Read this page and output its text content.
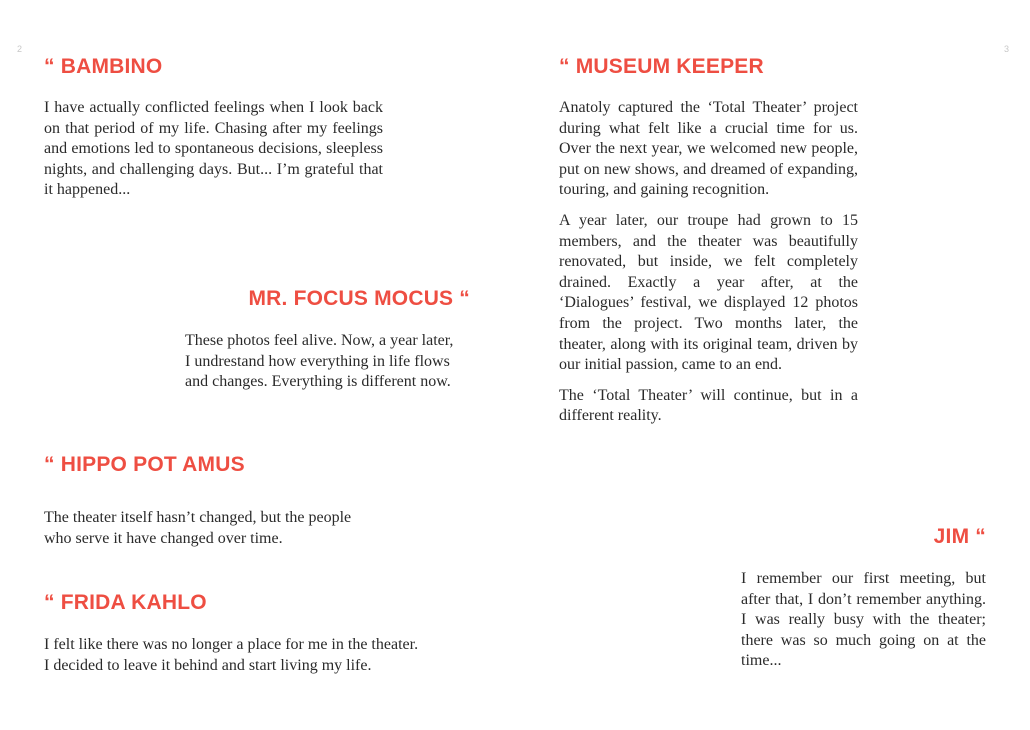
2	3
“ BAMBINO
I have actually conflicted feelings when I look back on that period of my life. Chasing after my feelings and emotions led to spontaneous decisions, sleepless nights, and challenging days. But... I’m grateful that it happened...
MR. FOCUS MOCUS “
These photos feel alive. Now, a year later,
I undrestand how everything in life flows
and changes. Everything is different now.
“ HIPPO POT AMUS
The theater itself hasn’t changed, but the people
who serve it have changed over time.
“ FRIDA KAHLO
I felt like there was no longer a place for me in the theater.
I decided to leave it behind and start living my life.
“ MUSEUM KEEPER

Anatoly captured the ‘Total Theater’ project during what felt like a crucial time for us. Over the next year, we welcomed new people, put on new shows, and dreamed of expanding, touring, and gaining recognition.

A year later, our troupe had grown to 15 members, and the theater was beautifully renovated, but inside, we felt completely drained. Exactly a year after, at the ‘Dialogues’ festival, we displayed 12 photos from the project. Two months later, the theater, along with its original team, driven by our initial passion, came to an end.

The ‘Total Theater’ will continue, but in a different reality.

JIM “
I remember our first meeting, but after that, I don’t remember anything. I was really busy with the theater; there was so much going on at the time...
